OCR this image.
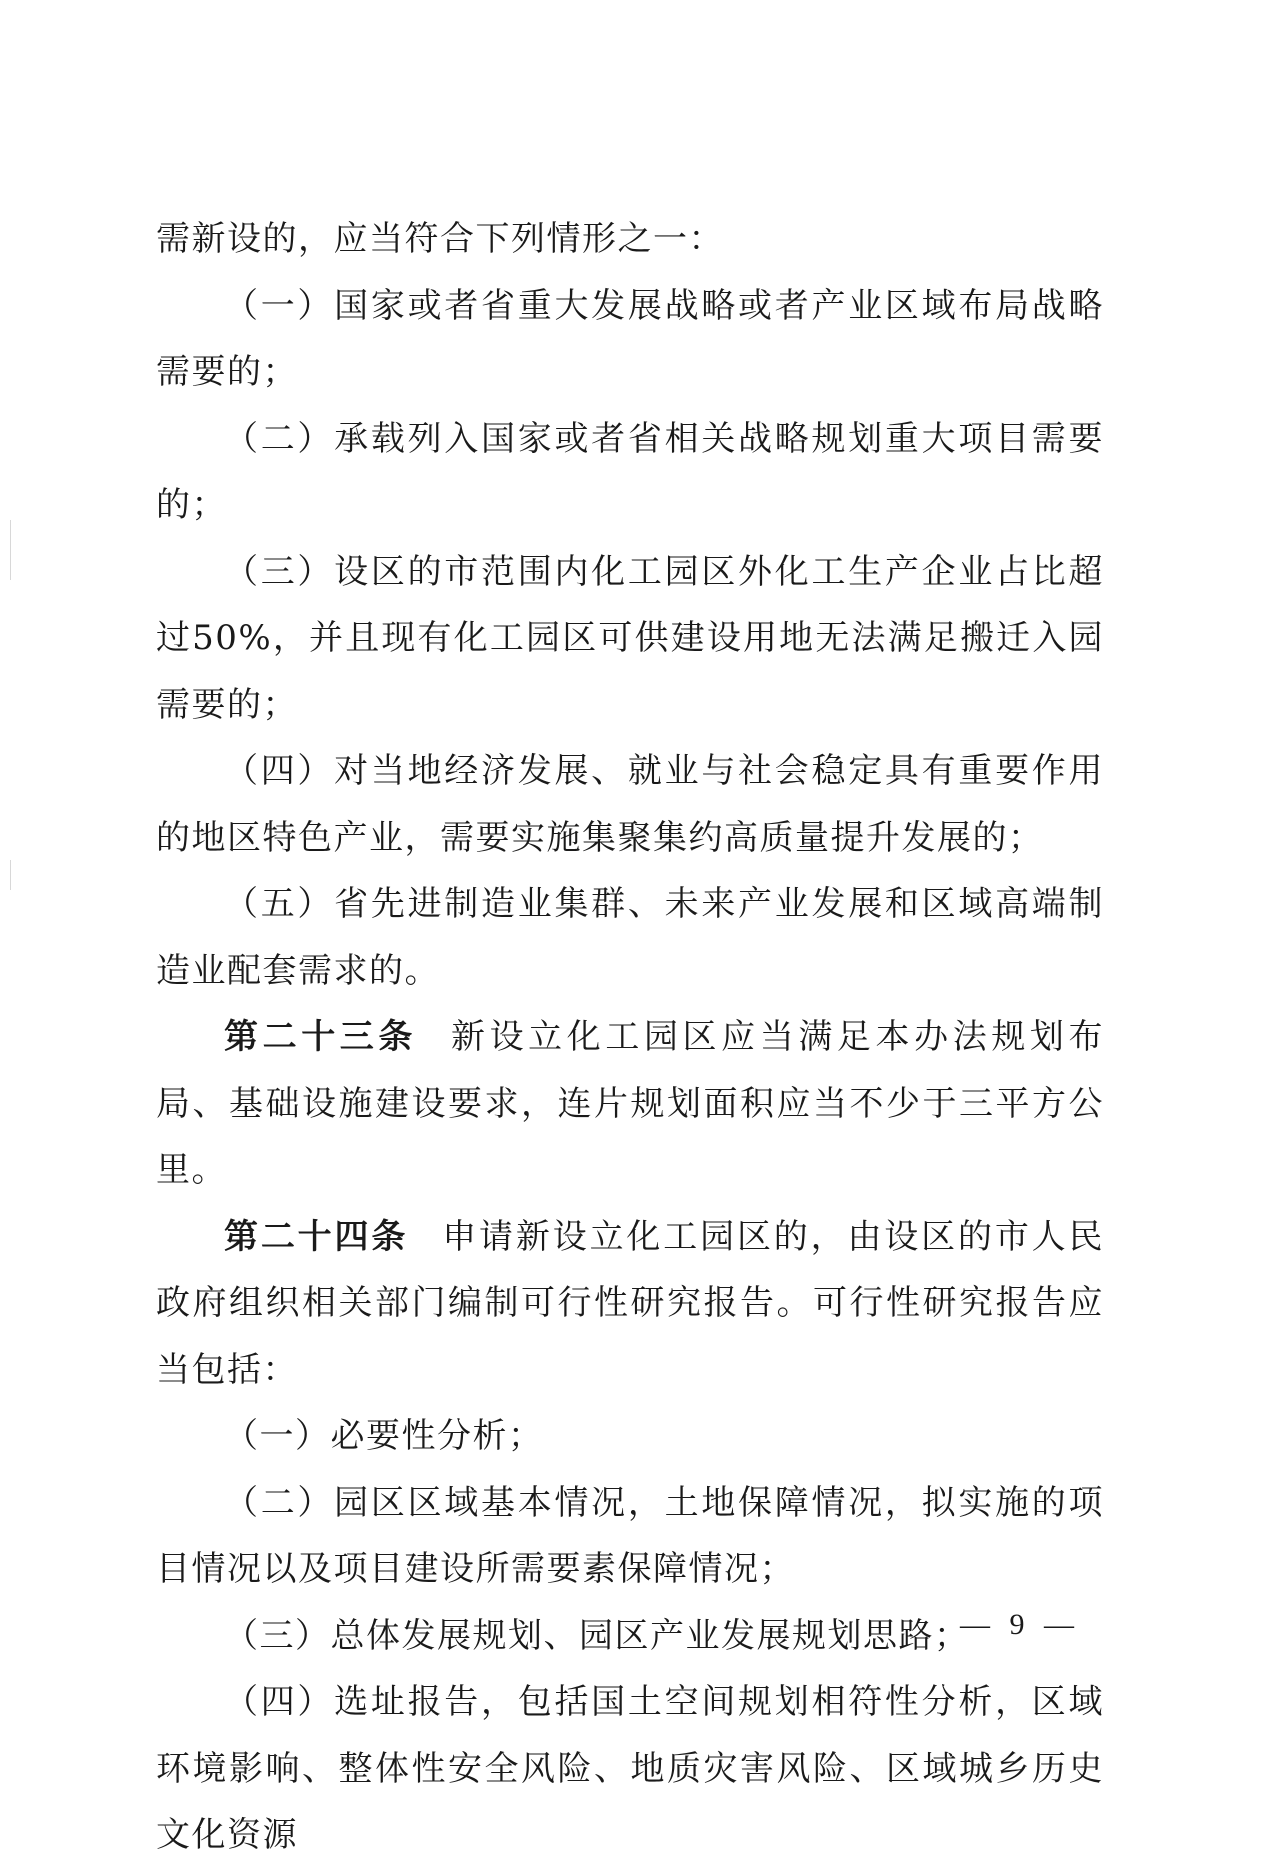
需新设的，应当符合下列情形之一：

（一）国家或者省重大发展战略或者产业区域布局战略需要的；

（二）承载列入国家或者省相关战略规划重大项目需要的；

（三）设区的市范围内化工园区外化工生产企业占比超过50%，并且现有化工园区可供建设用地无法满足搬迁入园需要的；

（四）对当地经济发展、就业与社会稳定具有重要作用的地区特色产业，需要实施集聚集约高质量提升发展的；

（五）省先进制造业集群、未来产业发展和区域高端制造业配套需求的。

第二十三条 新设立化工园区应当满足本办法规划布局、基础设施建设要求，连片规划面积应当不少于三平方公里。

第二十四条 申请新设立化工园区的，由设区的市人民政府组织相关部门编制可行性研究报告。可行性研究报告应当包括：

（一）必要性分析；

（二）园区区域基本情况，土地保障情况，拟实施的项目情况以及项目建设所需要素保障情况；

（三）总体发展规划、园区产业发展规划思路；

（四）选址报告，包括国土空间规划相符性分析，区域环境影响、整体性安全风险、地质灾害风险、区域城乡历史文化资源

— 9 —
